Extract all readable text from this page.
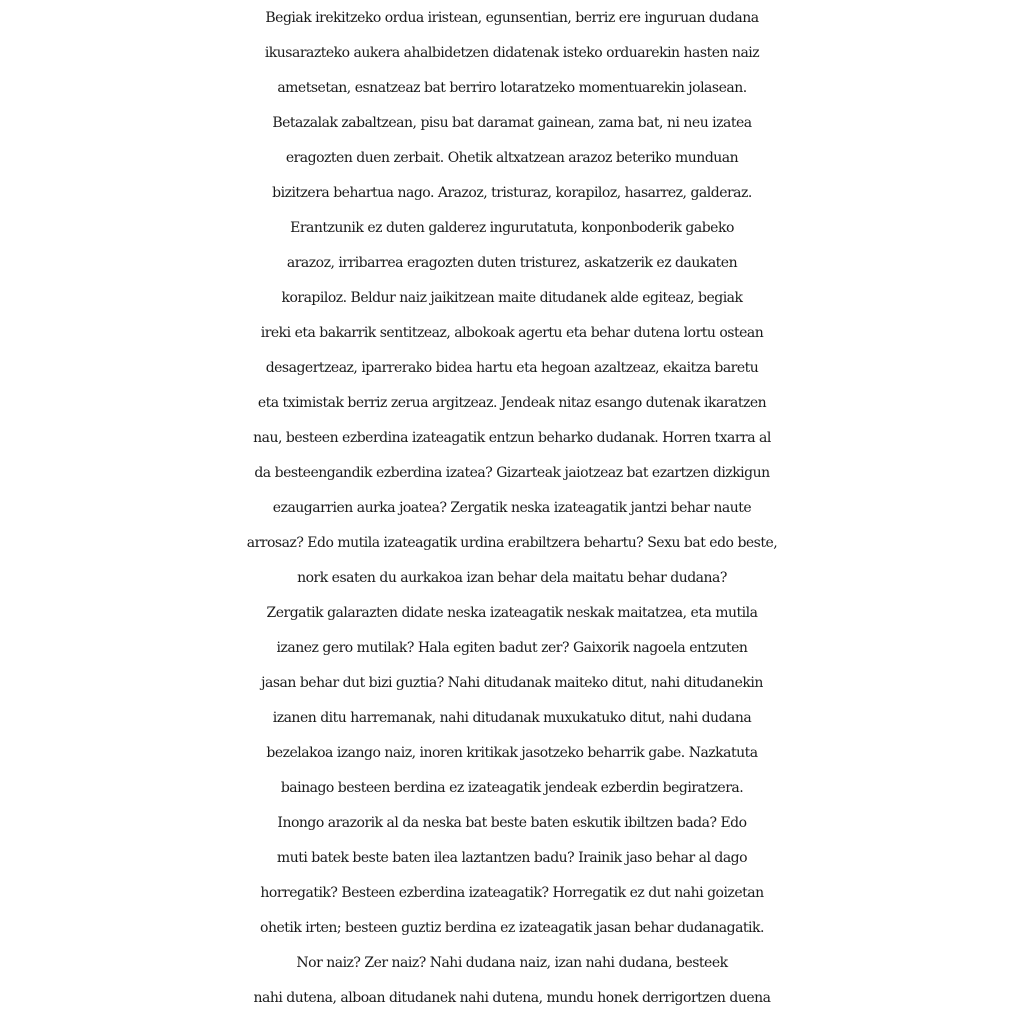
Begiak irekitzeko ordua iristean, egunsentian, berriz ere inguruan dudana
ikusarazteko aukera ahalbidetzen didatenak isteko orduarekin hasten naiz
ametsetan, esnatzeaz bat berriro lotaratzeko momentuarekin jolasean.
Betazalak zabaltzean, pisu bat daramat gainean, zama bat, ni neu izatea
eragozten duen zerbait. Ohetik altxatzean arazoz beteriko munduan
bizitzera behartua nago. Arazoz, tristuraz, korapiloz, hasarrez, galderaz.
Erantzunik ez duten galderez ingurutatuta, konponboderik gabeko
arazoz, irribarrea eragozten duten tristurez, askatzerik ez daukaten
korapiloz. Beldur naiz jaikitzean maite ditudanek alde egiteaz, begiak
ireki eta bakarrik sentitzeaz, albokoak agertu eta behar dutena lortu ostean
desagertzeaz, iparrerako bidea hartu eta hegoan azaltzeaz, ekaitza baretu
eta tximistak berriz zerua argitzeaz. Jendeak nitaz esango dutenak ikaratzen
nau, besteen ezberdina izateagatik entzun beharko dudanak. Horren txarra al
da besteengandik ezberdina izatea? Gizarteak jaiotzeaz bat ezartzen dizkigun
ezaugarrien aurka joatea? Zergatik neska izateagatik jantzi behar naute
arrosaz? Edo mutila izateagatik urdina erabiltzera behartu? Sexu bat edo beste,
nork esaten du aurkakoa izan behar dela maitatu behar dudana?
Zergatik galarazten didate neska izateagatik neskak maitatzea, eta mutila
izanez gero mutilak? Hala egiten badut zer? Gaixorik nagoela entzuten
jasan behar dut bizi guztia? Nahi ditudanak maiteko ditut, nahi ditudanekin
izanen ditu harremanak, nahi ditudanak muxukatuko ditut, nahi dudana
bezelakoa izango naiz, inoren kritikak jasotzeko beharrik gabe. Nazkatuta
bainago besteen berdina ez izateagatik jendeak ezberdin begiratzera.
Inongo arazorik al da neska bat beste baten eskutik ibiltzen bada? Edo
muti batek beste baten ilea laztantzen badu? Irainik jaso behar al dago
horregatik? Besteen ezberdina izateagatik? Horregatik ez dut nahi goizetan
ohetik irten; besteen guztiz berdina ez izateagatik jasan behar dudanagatik.
Nor naiz? Zer naiz? Nahi dudana naiz, izan nahi dudana, besteek
nahi dutena, alboan ditudanek nahi dutena, mundu honek derrigortzen duena
